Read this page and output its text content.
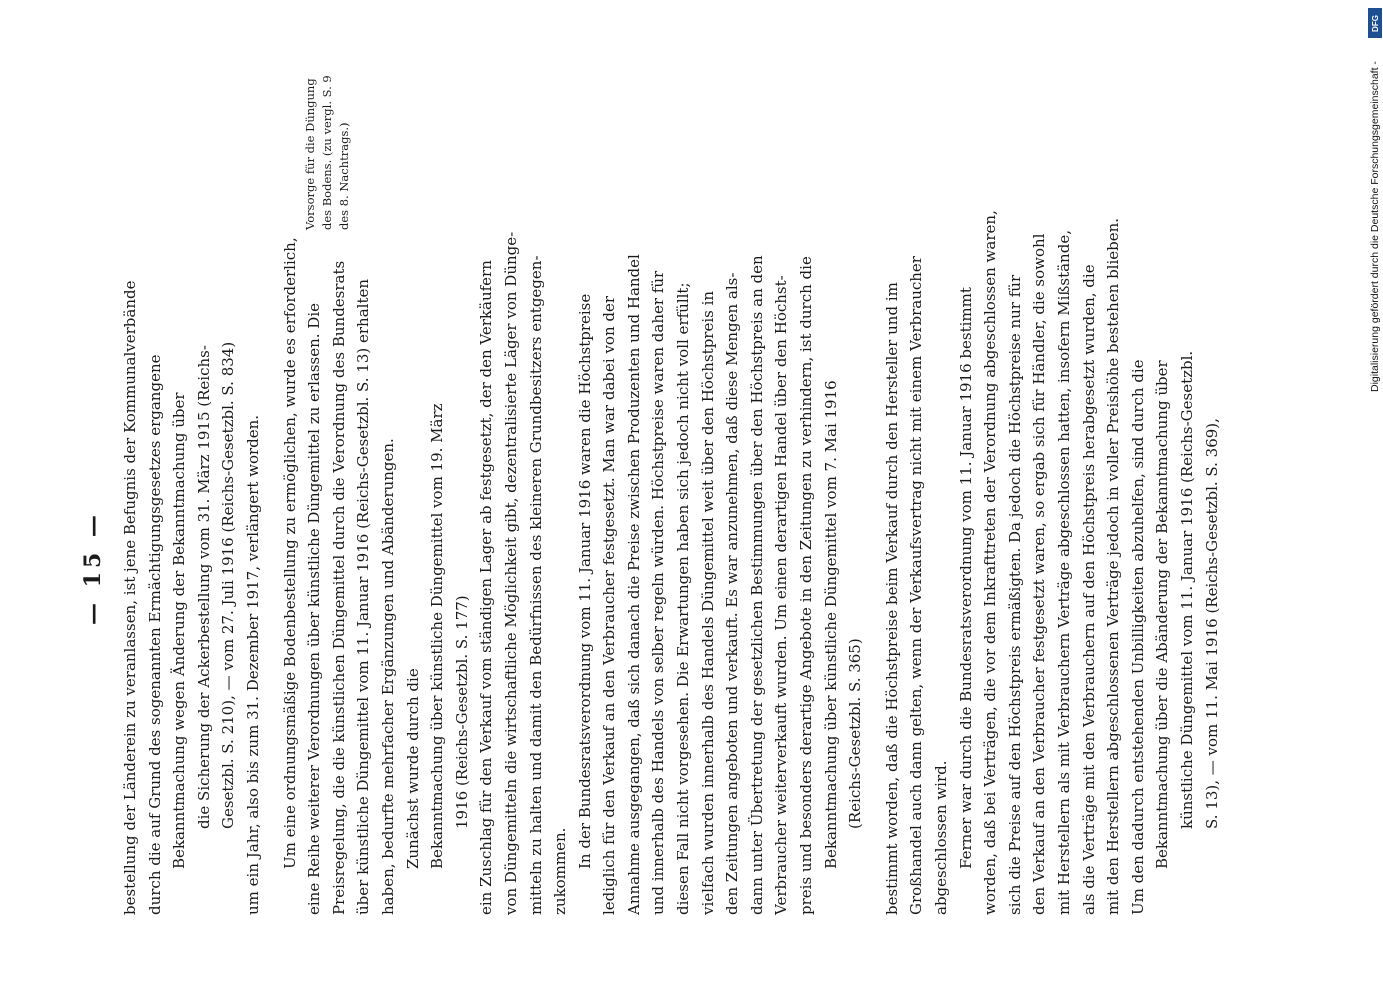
— 15 — bestellung der Länderein zu veranlassen, ist jene Befugnis der Kommunalverbände durch die auf Grund des sogenannten Ermächtigungsgesetzes ergangene Bekanntmachung wegen Änderung der Bekanntmachung über die Sicherung der Ackerbestellung vom 31. März 1915 (Reichs- Gesetzbl. S. 210), — vom 27. Juli 1916 (Reichs-Gesetzbl. S. 834) um ein Jahr, also bis zum 31. Dezember 1917, verlängert worden. Um eine ordnungsmäßige Bodenbestellung zu ermöglichen, wurde es erforderlich, eine Reihe weiterer Verordnungen über künstliche Düngemittel zu erlassen. Die Preisregelung, die die künstlichen Düngemittel durch die Verordnung des Bundesrats über künstliche Düngemittel vom 11. Januar 1916 (Reichs-Gesetzbl. S. 13) erhalten haben, bedurfte mehrfacher Ergänzungen und Abänderungen. Zunächst wurde durch die Bekanntmachung über künstliche Düngemittel vom 19. März 1916 (Reichs-Gesetzbl. S. 177) ein Zuschlag für den Verkauf vom ständigen Lager ab festgesetzt, der den Verkäufern von Düngemitteln die wirtschaftliche Möglichkeit gibt, dezentralisierte Läger von Dünge- mitteln zu halten und damit den Bedürfnissen des kleineren Grundbesitzers entgegen- zukommen.
In der Bundesratsverordnung vom 11. Januar 1916 waren die Höchstpreise lediglich für den Verkauf an den Verbraucher festgesetzt. Man war dabei von der Annahme ausgegangen, daß sich danach die Preise zwischen Produzenten und Handel und innerhalb des Handels von selber regeln würden. Höchstpreise waren daher für diesen Fall nicht vorgesehen. Die Erwartungen haben sich jedoch nicht voll erfüllt; vielfach wurden innerhalb des Handels Düngemittel weit über den Höchstpreis in den Zeitungen angeboten und verkauft. Es war anzunehmen, daß diese Mengen als- dann unter Übertretung der gesetzlichen Bestimmungen über den Höchstpreis an den Verbraucher weiterverkauft wurden. Um einen derartigen Handel über den Höchst- preis und besonders derartige Angebote in den Zeitungen zu verhindern, ist durch die Bekanntmachung über künstliche Düngemittel vom 7. Mai 1916 (Reichs-Gesetzbl. S. 365) bestimmt worden, daß die Höchstpreise beim Verkauf durch den Hersteller und im Großhandel auch dann gelten, wenn der Verkaufsvertrag nicht mit einem Verbraucher abgeschlossen wird. Ferner war durch die Bundesratsverordnung vom 11. Januar 1916 bestimmt worden, daß bei Verträgen, die vor dem Inkrafttreten der Verordnung abgeschlossen waren, sich die Preise auf den Höchstpreis ermäßigten. Da jedoch die Höchstpreise nur für den Verkauf an den Verbraucher festgesetzt waren, so ergab sich für Händler, die sowohl mit Herstellern als mit Verbrauchern Verträge abgeschlossen hatten, insofern Mißstände, als die Verträge mit den Verbrauchern auf den Höchstpreis herabgesetzt wurden, die mit den Herstellern abgeschlossenen Verträge jedoch in voller Preishöhe bestehen blieben. Um den dadurch entstehenden Unbilligkeiten abzuhelfen, sind durch die Bekanntmachung über die Abänderung der Bekanntmachung über künstliche Düngemittel vom 11. Januar 1916 (Reichs-Gesetzbl. S. 13), — vom 11. Mai 1916 (Reichs-Gesetzbl. S. 369),
Vorsorge für die Düngung des Bodens. (zu vergl. S. 9 des 8. Nachtrags.)	Digitalisierung gefördert durch die Deutsche Forschungsgemeinschaft -
DFG
